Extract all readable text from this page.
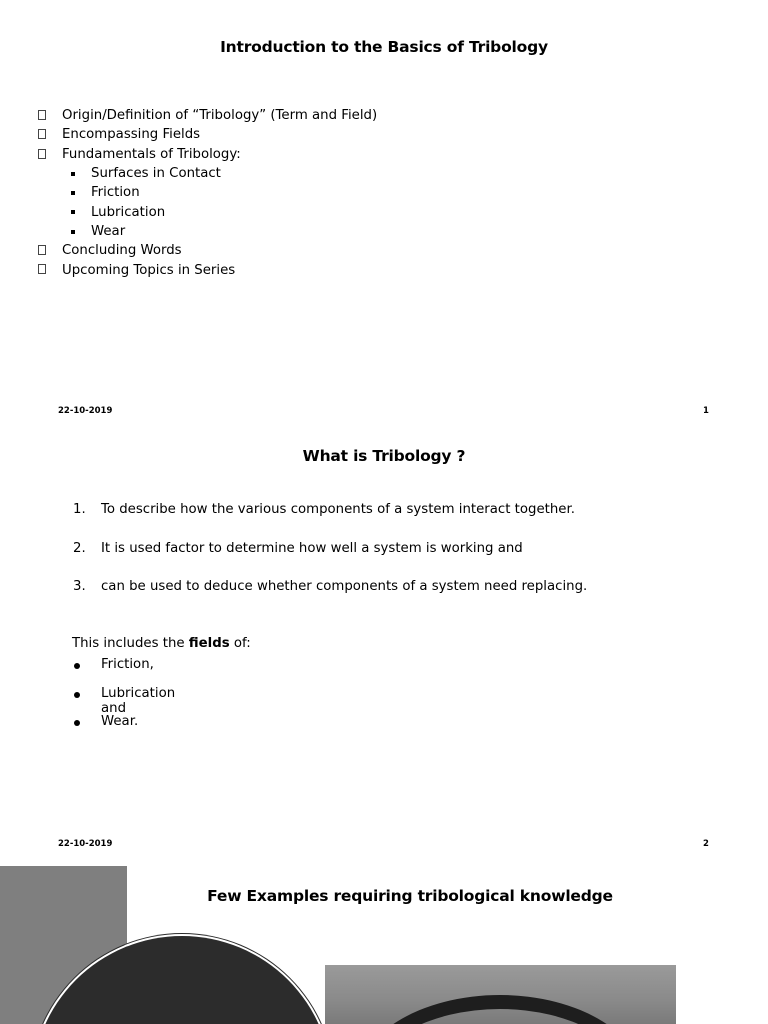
Introduction to the Basics of Tribology
Origin/Definition of “Tribology” (Term and Field)
Encompassing Fields
Fundamentals of Tribology:
Surfaces in Contact
Friction
Lubrication
Wear
Concluding Words
Upcoming Topics in Series
22-10-2019	1
What is Tribology ?
1. To describe how the various components of a system interact together.
2. It is used factor to determine how well a system is working and
3. can be used to deduce whether components of a system need replacing.
This includes the fields of:
Friction,
Lubrication and
Wear.
22-10-2019	2
Few Examples requiring tribological knowledge
